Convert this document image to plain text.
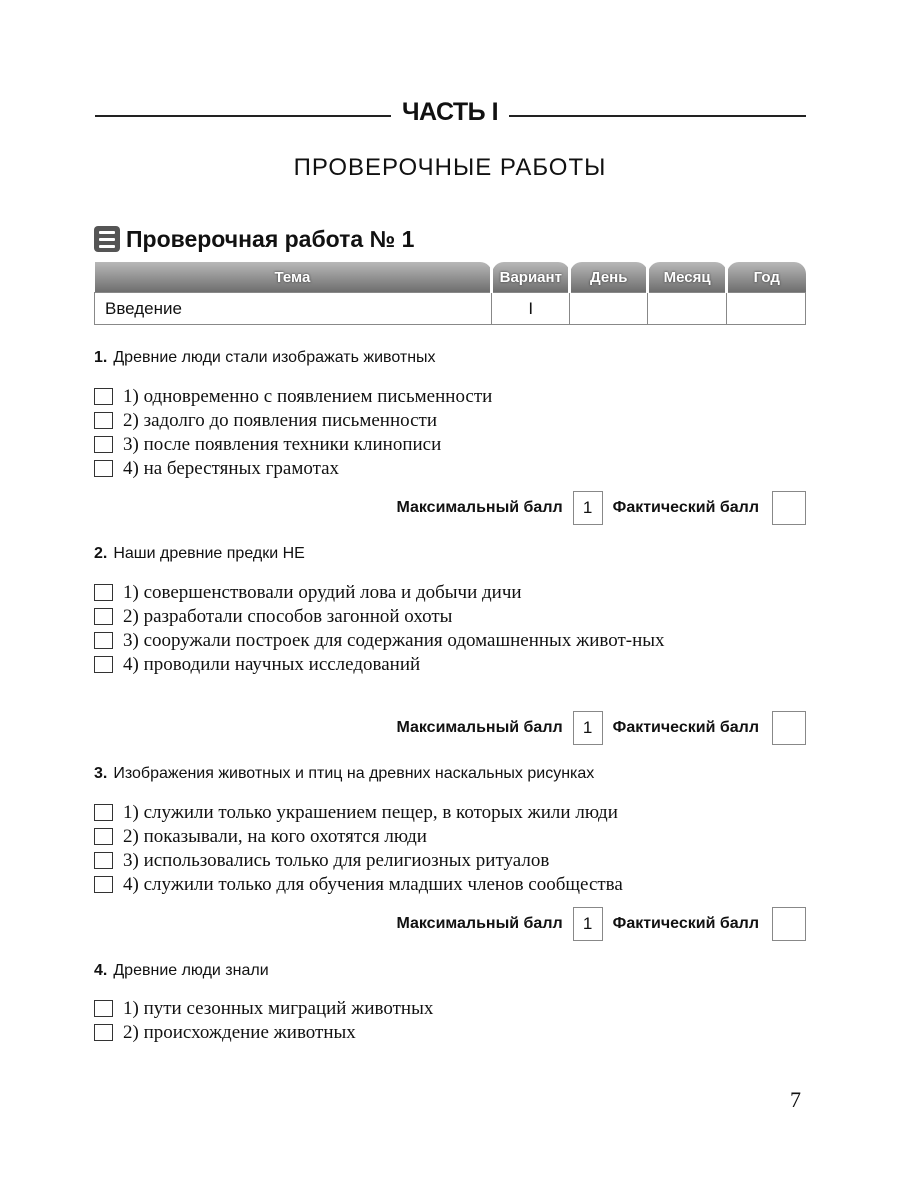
ЧАСТЬ I
ПРОВЕРОЧНЫЕ РАБОТЫ
Проверочная работа № 1
Тема	Вариант	День	Месяц	Год
Введение	I			
1. Древние люди стали изображать животных
1) одновременно с появлением письменности
2) задолго до появления письменности
3) после появления техники клинописи
4) на берестяных грамотах
Максимальный балл	1	Фактический балл
2. Наши древние предки НЕ
1) совершенствовали орудий лова и добычи дичи
2) разработали способов загонной охоты
3) сооружали построек для содержания одомашненных живот-ных
4) проводили научных исследований
Максимальный балл	1	Фактический балл
3. Изображения животных и птиц на древних наскальных рисунках
1) служили только украшением пещер, в которых жили люди
2) показывали, на кого охотятся люди
3) использовались только для религиозных ритуалов
4) служили только для обучения младших членов сообщества
Максимальный балл	1	Фактический балл
4. Древние люди знали
1) пути сезонных миграций животных
2) происхождение животных
7
